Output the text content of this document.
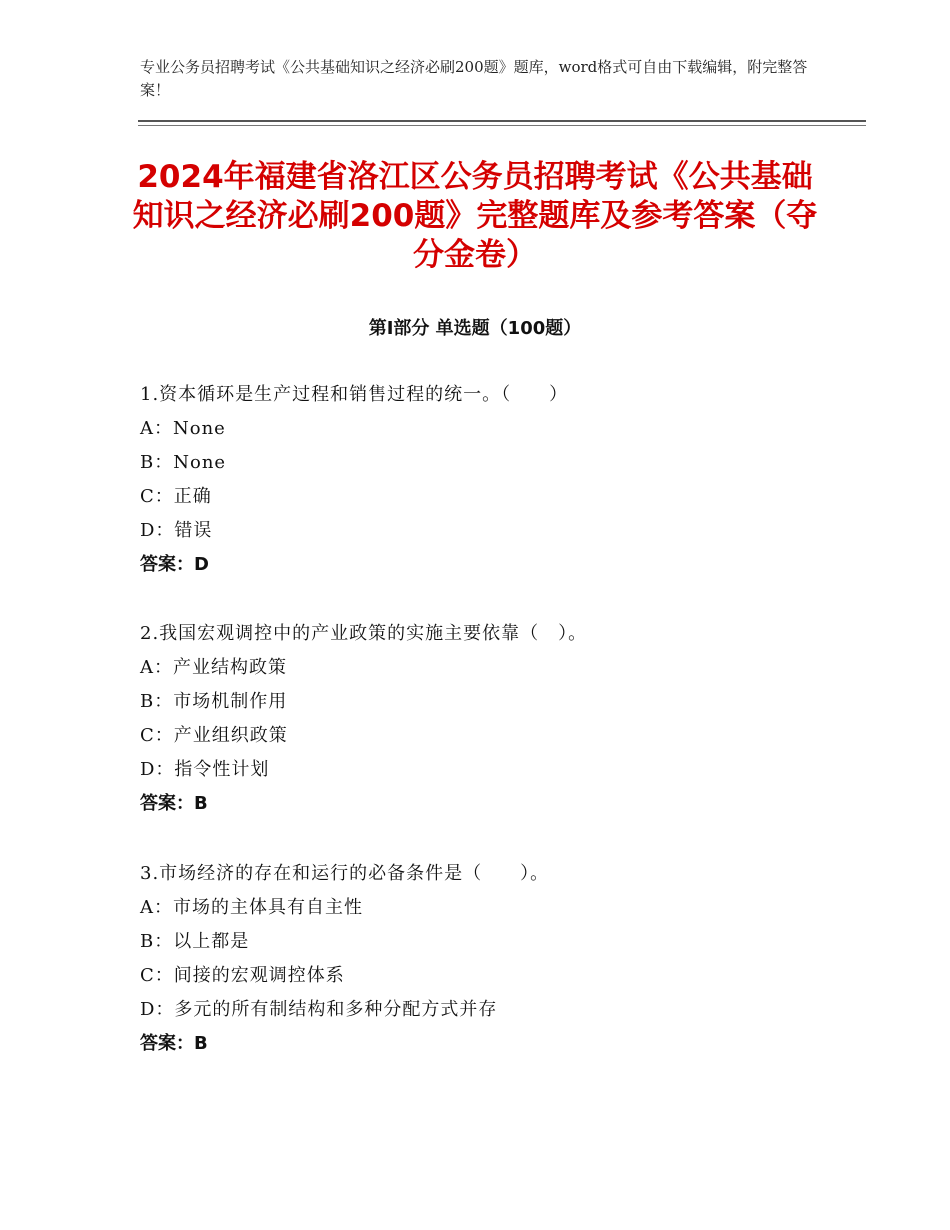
专业公务员招聘考试《公共基础知识之经济必刷200题》题库，word格式可自由下载编辑，附完整答案！
2024年福建省洛江区公务员招聘考试《公共基础知识之经济必刷200题》完整题库及参考答案（夺分金卷）
第Ⅰ部分 单选题（100题）
1.资本循环是生产过程和销售过程的统一。（　　）
A：None
B：None
C：正确
D：错误
答案：D
2.我国宏观调控中的产业政策的实施主要依靠（　）。
A：产业结构政策
B：市场机制作用
C：产业组织政策
D：指令性计划
答案：B
3.市场经济的存在和运行的必备条件是（　　）。
A：市场的主体具有自主性
B：以上都是
C：间接的宏观调控体系
D：多元的所有制结构和多种分配方式并存
答案：B
